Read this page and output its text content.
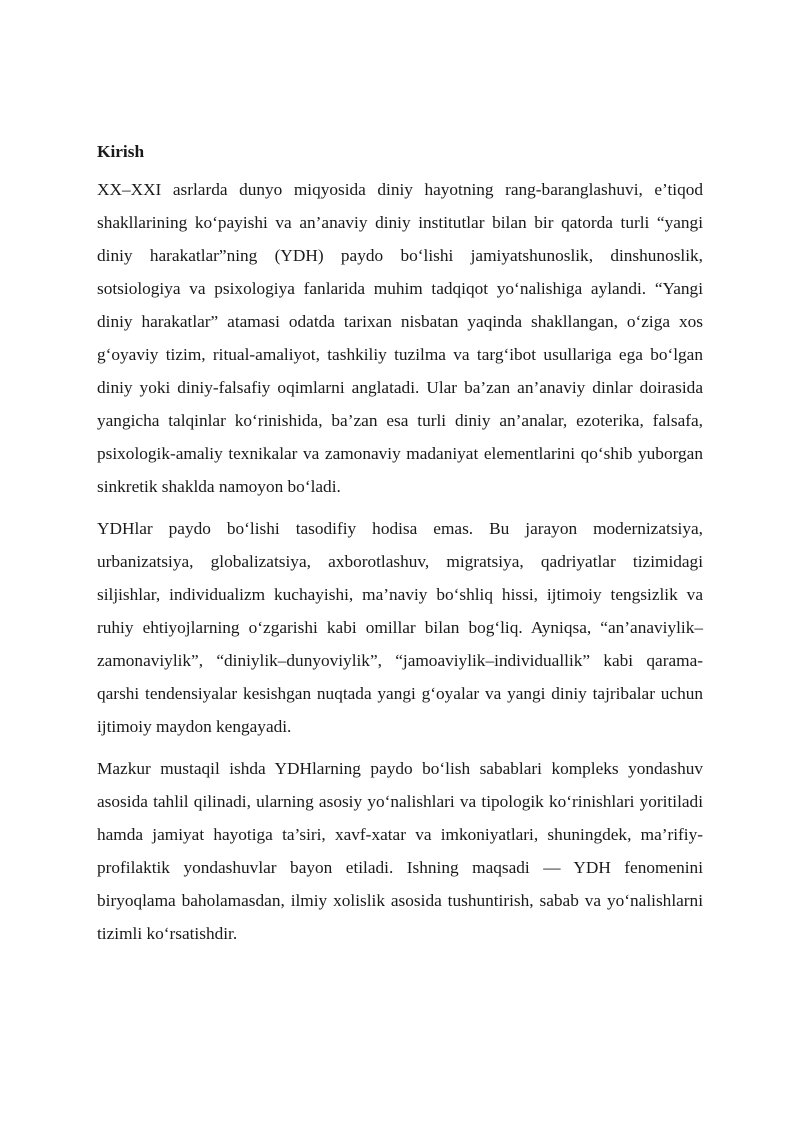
Kirish

XX–XXI asrlarda dunyo miqyosida diniy hayotning rang-baranglashuvi, e’tiqod shakllarining ko‘payishi va an’anaviy diniy institutlar bilan bir qatorda turli “yangi diniy harakatlar”ning (YDH) paydo bo‘lishi jamiyatshunoslik, dinshunoslik, sotsiologiya va psixologiya fanlarida muhim tadqiqot yo‘nalishiga aylandi. “Yangi diniy harakatlar” atamasi odatda tarixan nisbatan yaqinda shakllangan, o‘ziga xos g‘oyaviy tizim, ritual-amaliyot, tashkiliy tuzilma va targ‘ibot usullariga ega bo‘lgan diniy yoki diniy-falsafiy oqimlarni anglatadi. Ular ba’zan an’anaviy dinlar doirasida yangicha talqinlar ko‘rinishida, ba’zan esa turli diniy an’analar, ezoterika, falsafa, psixologik-amaliy texnikalar va zamonaviy madaniyat elementlarini qo‘shib yuborgan sinkretik shaklda namoyon bo‘ladi.

YDHlar paydo bo‘lishi tasodifiy hodisa emas. Bu jarayon modernizatsiya, urbanizatsiya, globalizatsiya, axborotlashuv, migratsiya, qadriyatlar tizimidagi siljishlar, individualizm kuchayishi, ma’naviy bo‘shliq hissi, ijtimoiy tengsizlik va ruhiy ehtiyojlarning o‘zgarishi kabi omillar bilan bog‘liq. Ayniqsa, “an’anaviylik–zamonaviylik”, “diniylik–dunyoviylik”, “jamoaviylik–individuallik” kabi qarama-qarshi tendensiyalar kesishgan nuqtada yangi g‘oyalar va yangi diniy tajribalar uchun ijtimoiy maydon kengayadi.

Mazkur mustaqil ishda YDHlarning paydo bo‘lish sabablari kompleks yondashuv asosida tahlil qilinadi, ularning asosiy yo‘nalishlari va tipologik ko‘rinishlari yoritiladi hamda jamiyat hayotiga ta’siri, xavf-xatar va imkoniyatlari, shuningdek, ma’rifiy-profilaktik yondashuvlar bayon etiladi. Ishning maqsadi — YDH fenomenini biryoqlama baholamasdan, ilmiy xolislik asosida tushuntirish, sabab va yo‘nalishlarni tizimli ko‘rsatishdir.
